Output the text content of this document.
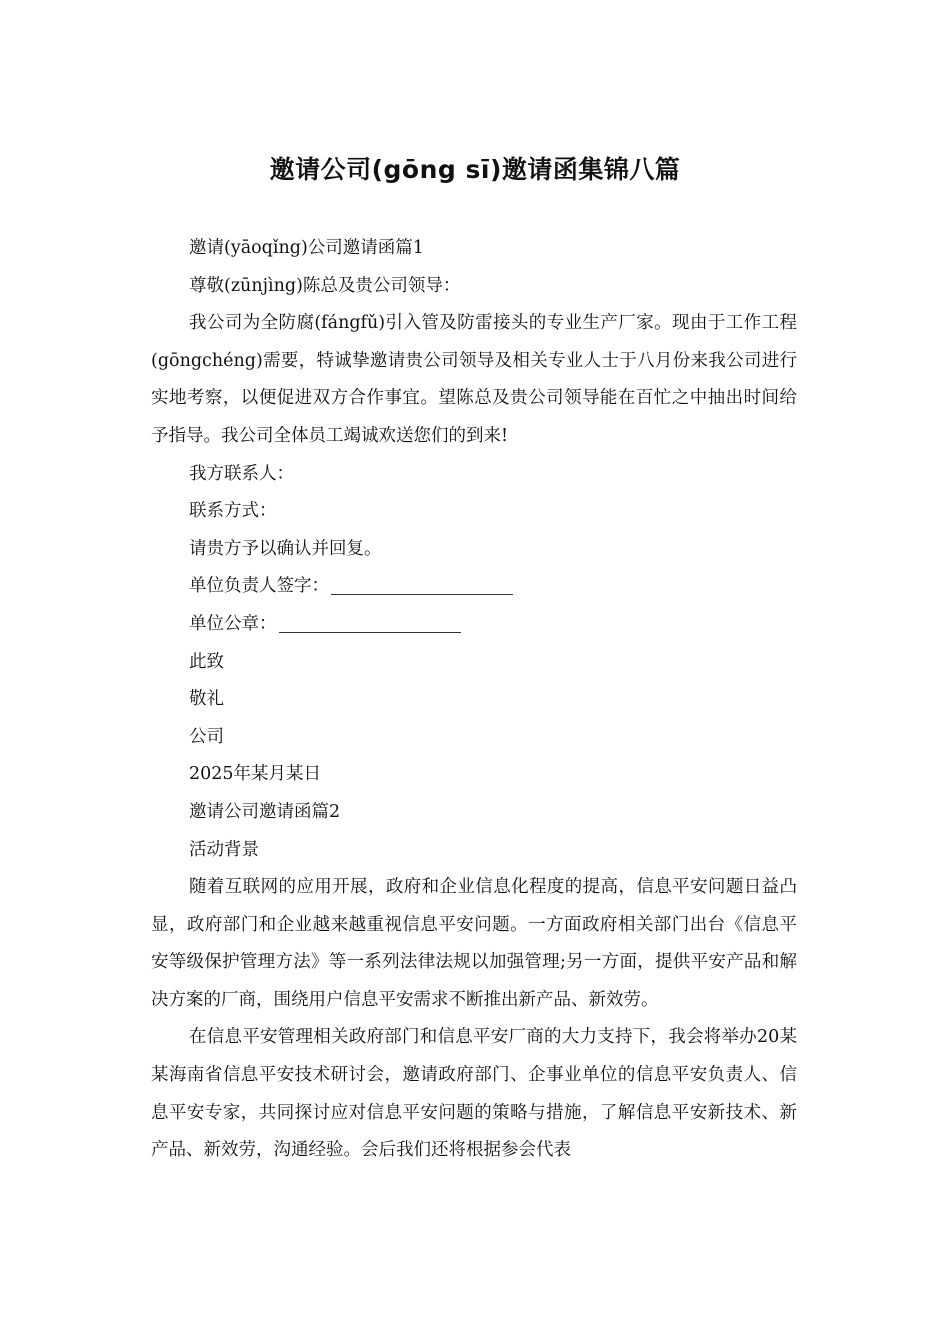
邀请公司(gōng sī)邀请函集锦八篇

邀请(yāoqǐng)公司邀请函篇1

尊敬(zūnjìng)陈总及贵公司领导：

我公司为全防腐(fángfǔ)引入管及防雷接头的专业生产厂家。现由于工作工程(gōngchéng)需要，特诚挚邀请贵公司领导及相关专业人士于八月份来我公司进行实地考察，以便促进双方合作事宜。望陈总及贵公司领导能在百忙之中抽出时间给予指导。我公司全体员工竭诚欢送您们的到来!

我方联系人：

联系方式：

请贵方予以确认并回复。

单位负责人签字：

单位公章：

此致

敬礼

公司

2025年某月某日

邀请公司邀请函篇2

活动背景

随着互联网的应用开展，政府和企业信息化程度的提高，信息平安问题日益凸显，政府部门和企业越来越重视信息平安问题。一方面政府相关部门出台《信息平安等级保护管理方法》等一系列法律法规以加强管理;另一方面，提供平安产品和解决方案的厂商，围绕用户信息平安需求不断推出新产品、新效劳。

在信息平安管理相关政府部门和信息平安厂商的大力支持下，我会将举办20某某海南省信息平安技术研讨会，邀请政府部门、企事业单位的信息平安负责人、信息平安专家，共同探讨应对信息平安问题的策略与措施，了解信息平安新技术、新产品、新效劳，沟通经验。会后我们还将根据参会代表
